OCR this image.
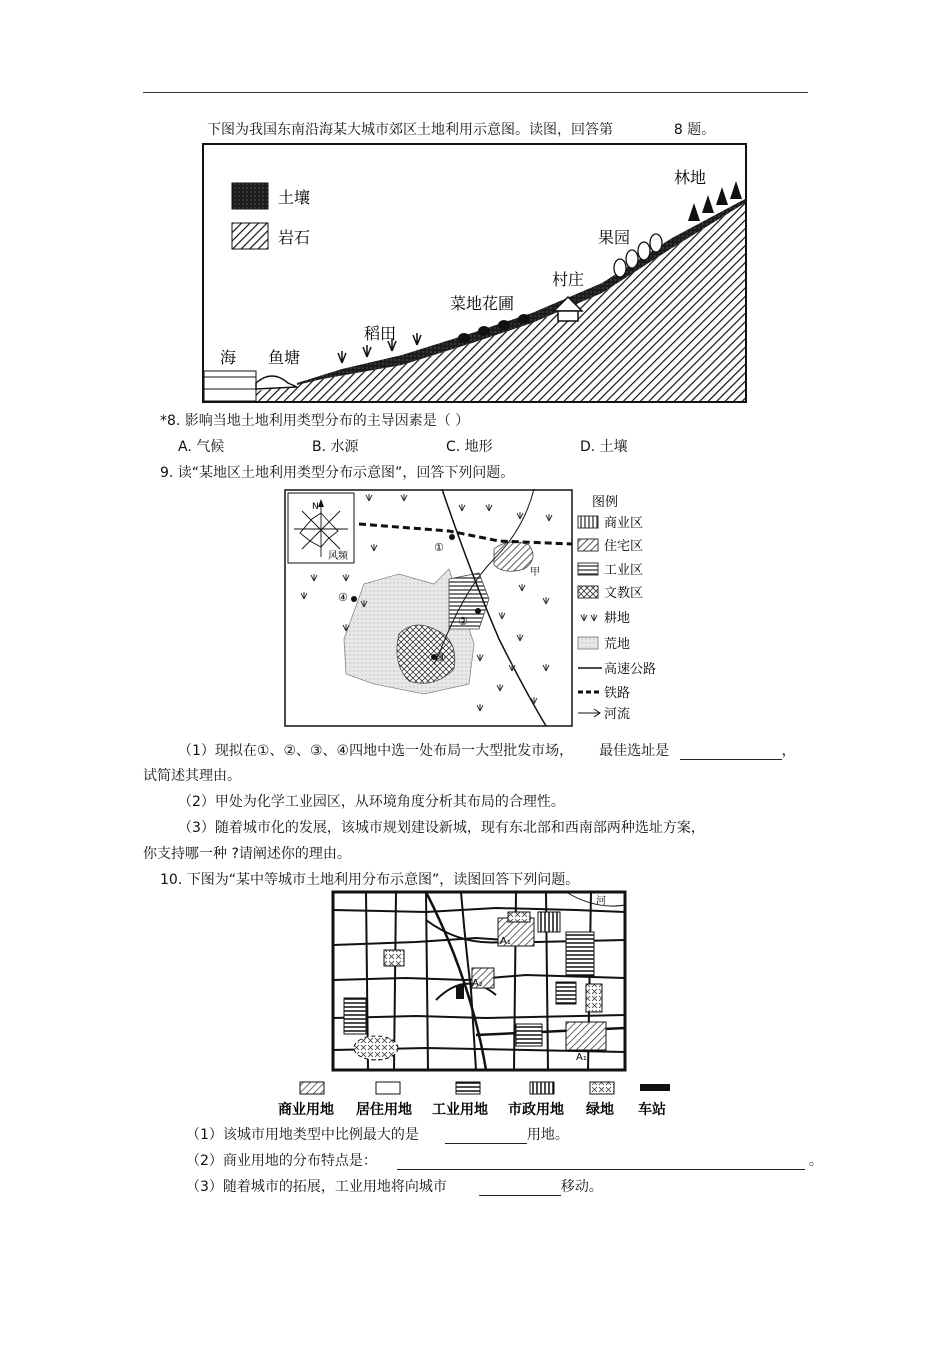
下图为我国东南沿海某大城市郊区土地利用示意图。读图，回答第	8 题。
土壤
岩石
海 鱼塘
稻田
菜地花圃
村庄
果园
林地
*8. 影响当地土地利用类型分布的主导因素是（ ）
A. 气候	B. 水源	C. 地形	D. 土壤
9. 读“某地区土地利用类型分布示意图”，回答下列问题。
N
风频
①
②
③
④
甲
图例
商业区
住宅区
工业区
文教区
耕地
荒地
高速公路
铁路
河流
（1）现拟在①、②、③、④四地中选一处布局一大型批发市场， 最佳选址是	，
试简述其理由。
（2）甲处为化学工业园区，从环境角度分析其布局的合理性。
（3）随着城市化的发展，该城市规划建设新城，现有东北部和西南部两种选址方案，
你支持哪一种 ?请阐述你的理由。
10. 下图为“某中等城市土地利用分布示意图”，读图回答下列问题。
河
A₁
A₂
A₁
商业用地 居住用地 工业用地 市政用地 绿地 车站
（1）该城市用地类型中比例最大的是	用地。
（2）商业用地的分布特点是：	。
（3）随着城市的拓展，工业用地将向城市	移动。
